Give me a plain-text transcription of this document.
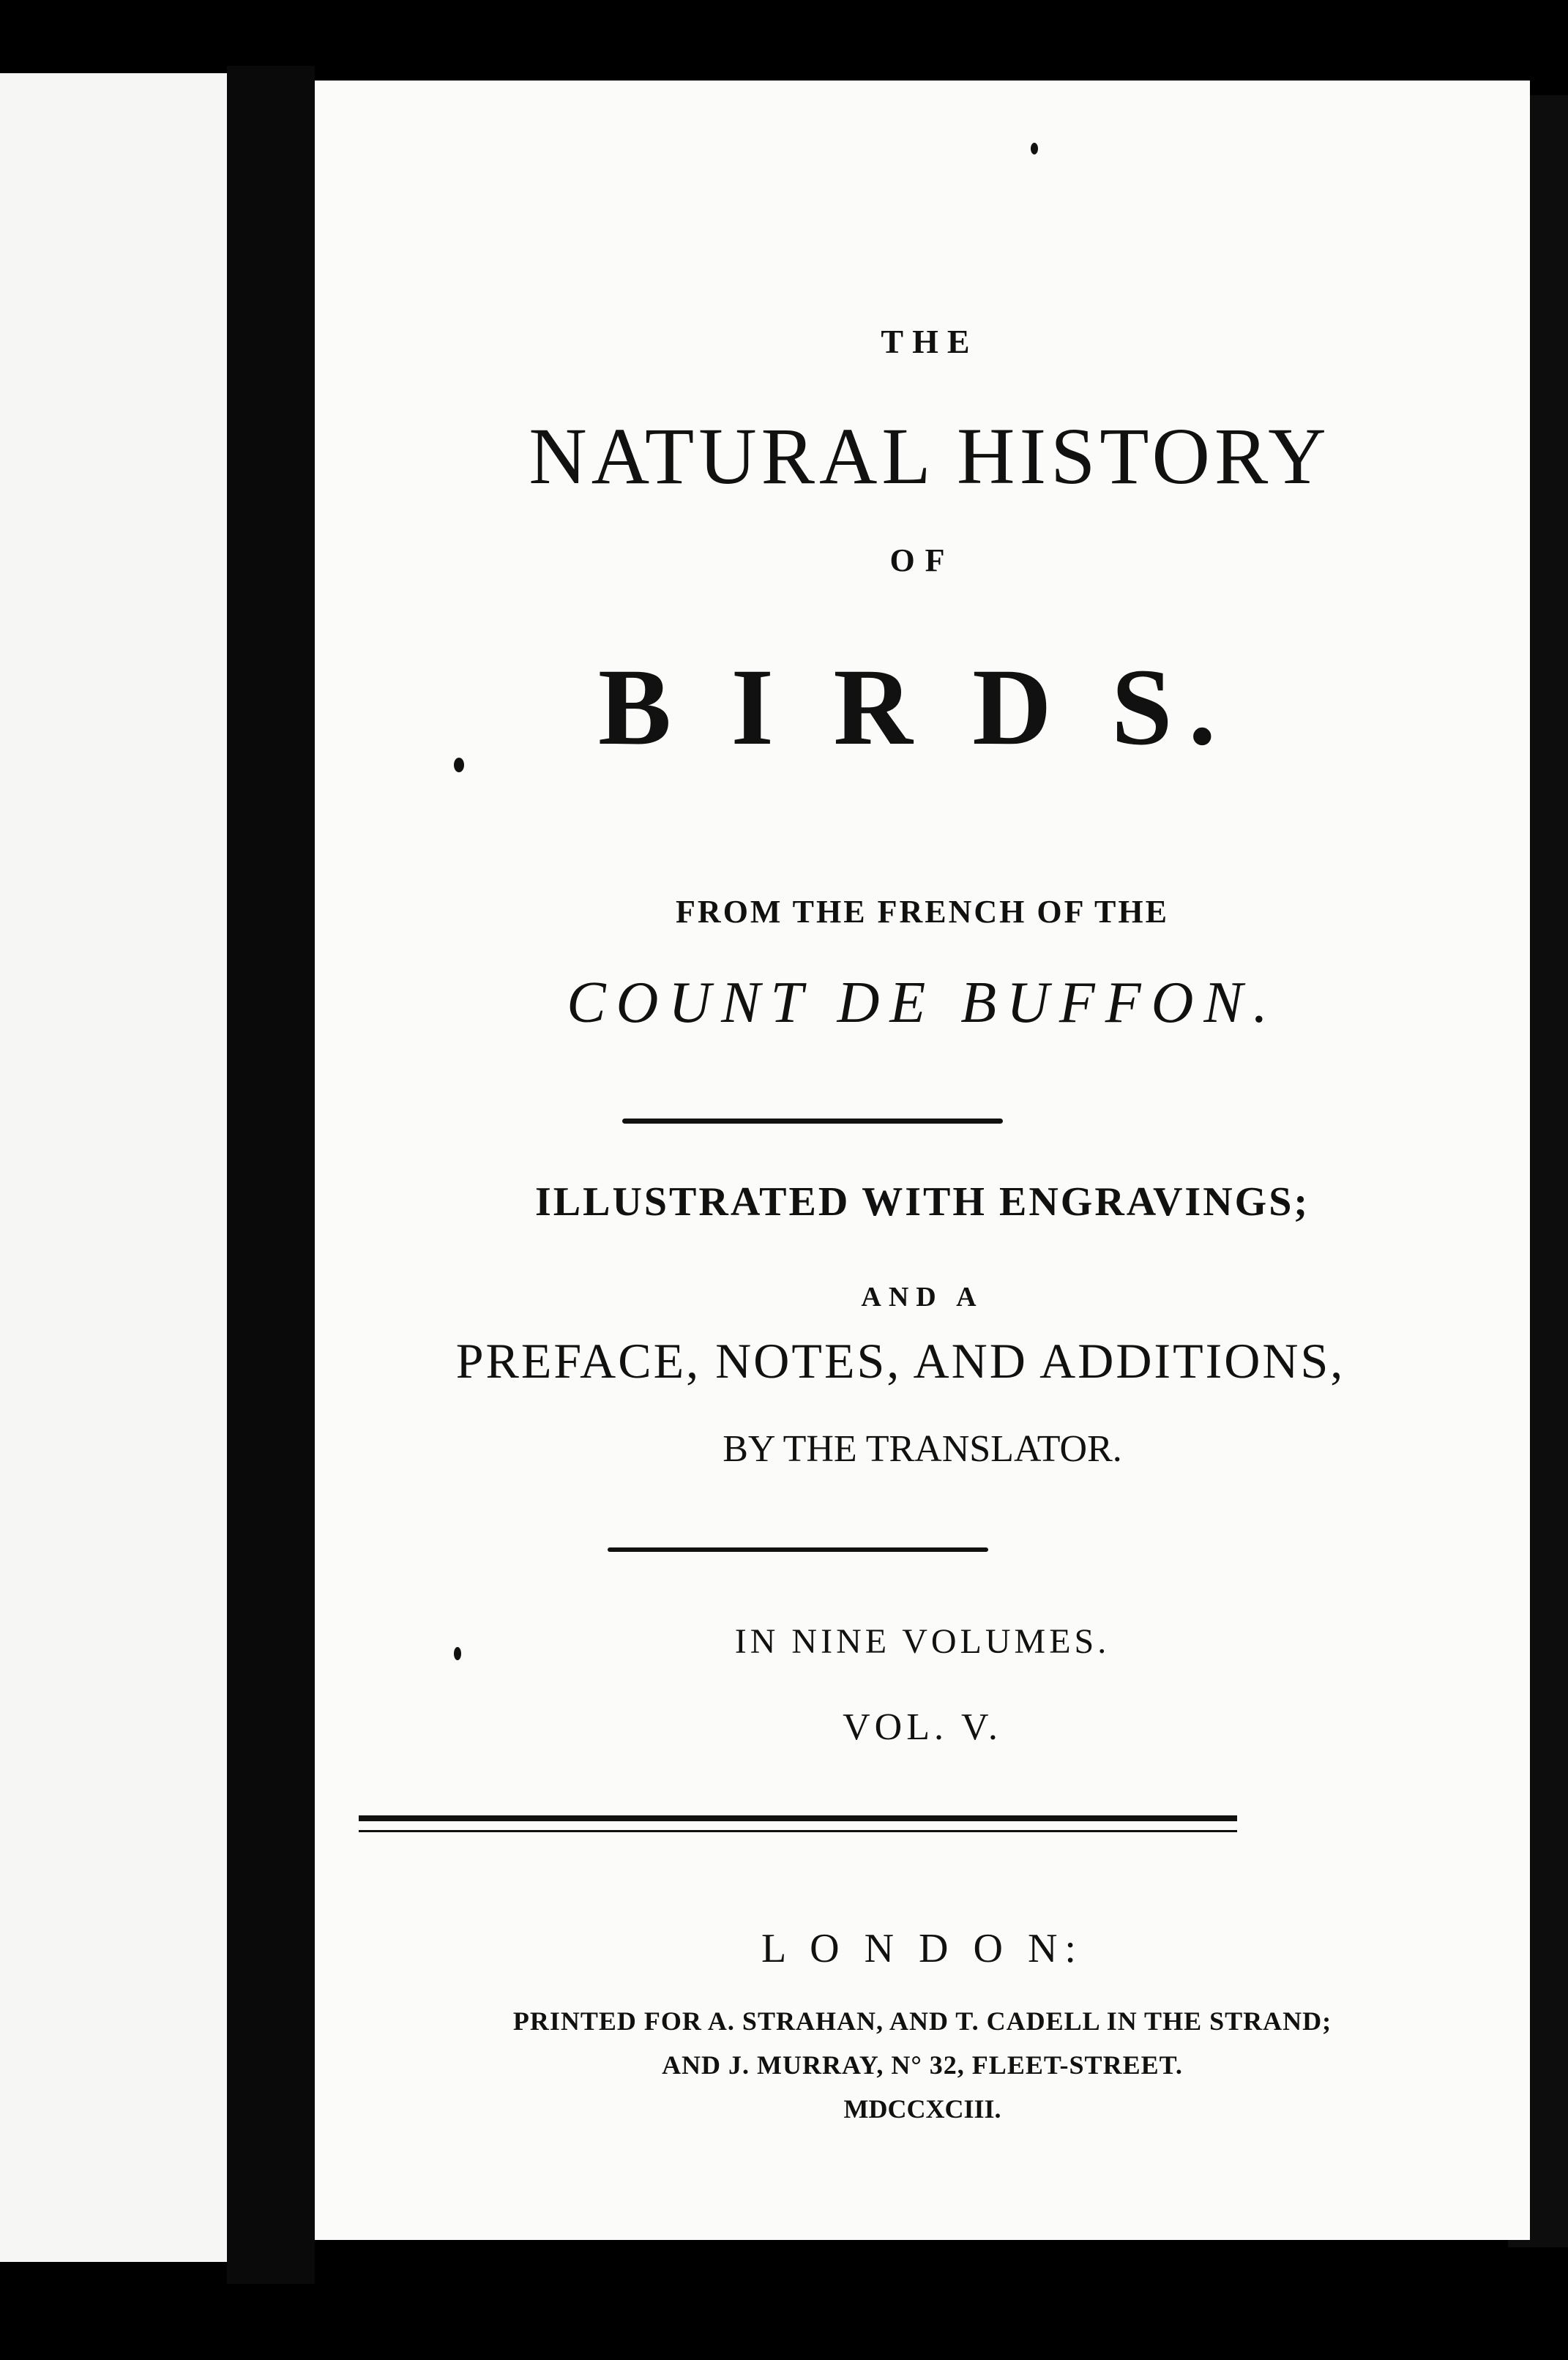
THE
NATURAL HISTORY
OF
B I R D S.
FROM THE FRENCH OF THE
COUNT DE BUFFON.
ILLUSTRATED WITH ENGRAVINGS;
AND A
PREFACE, NOTES, AND ADDITIONS,
BY THE TRANSLATOR.
IN NINE VOLUMES.
VOL. V.
L O N D O N:
PRINTED FOR A. STRAHAN, AND T. CADELL IN THE STRAND;
AND J. MURRAY, N° 32, FLEET-STREET.
MDCCXCIII.
